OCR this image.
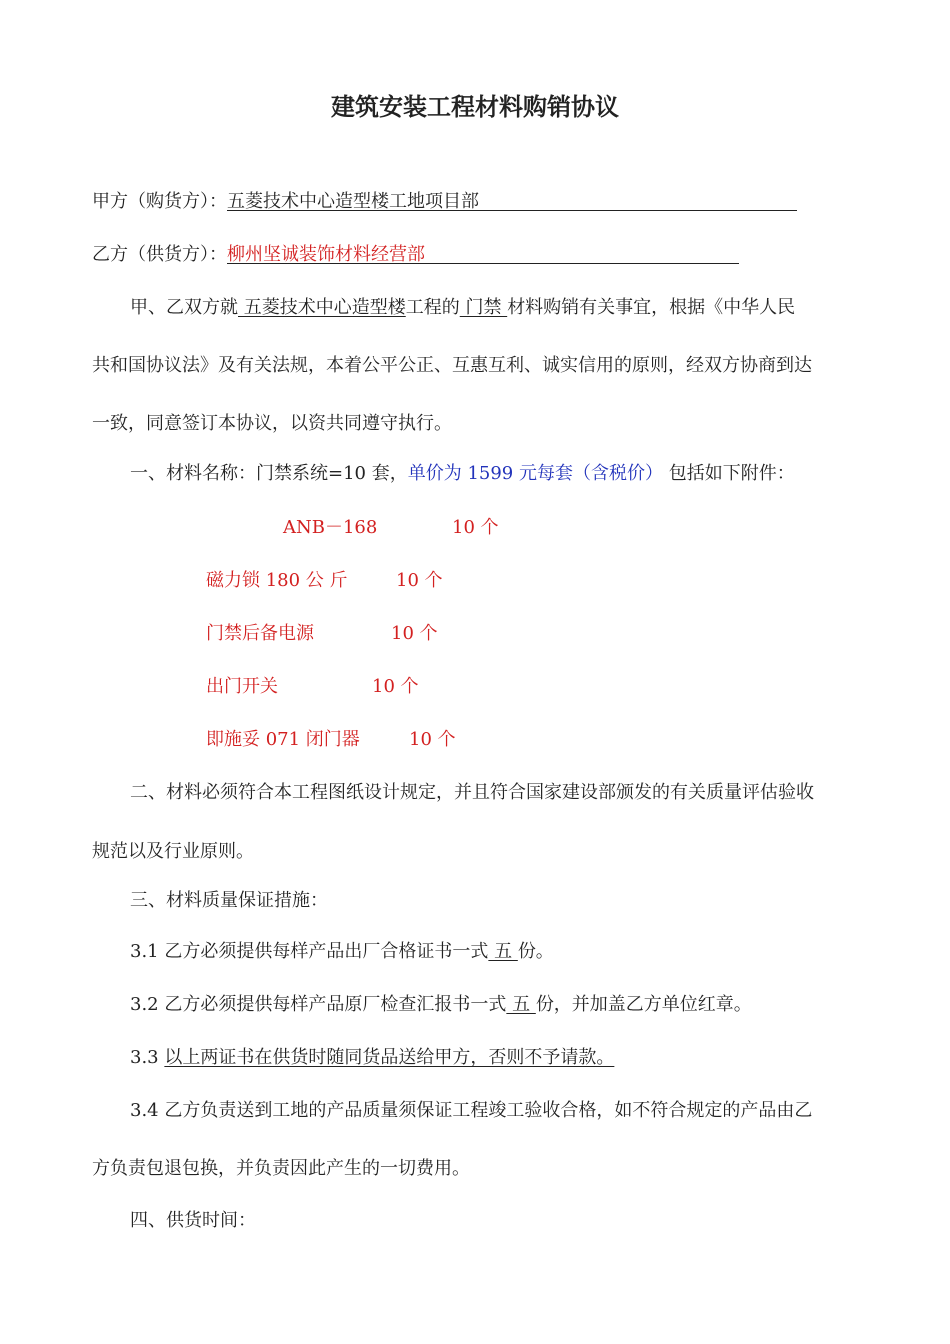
建筑安装工程材料购销协议
甲方（购货方）：五菱技术中心造型楼工地项目部
乙方（供货方）：柳州坚诚装饰材料经营部
甲、乙双方就 五菱技术中心造型楼工程的 门禁 材料购销有关事宜，根据《中华人民
共和国协议法》及有关法规，本着公平公正、互惠互利、诚实信用的原则，经双方协商到达
一致，同意签订本协议，以资共同遵守执行。
一、材料名称：门禁系统=10 套，单价为 1599 元每套（含税价） 包括如下附件：
ANB－168	10 个
磁力锁 180 公 斤	10 个
门禁后备电源	10 个
出门开关	10 个
即施妥 071 闭门器	10 个
二、材料必须符合本工程图纸设计规定，并且符合国家建设部颁发的有关质量评估验收
规范以及行业原则。
三、材料质量保证措施：
3.1 乙方必须提供每样产品出厂合格证书一式 五 份。
3.2 乙方必须提供每样产品原厂检查汇报书一式 五 份，并加盖乙方单位红章。
3.3 以上两证书在供货时随同货品送给甲方，否则不予请款。
3.4 乙方负责送到工地的产品质量须保证工程竣工验收合格，如不符合规定的产品由乙
方负责包退包换，并负责因此产生的一切费用。
四、供货时间：
